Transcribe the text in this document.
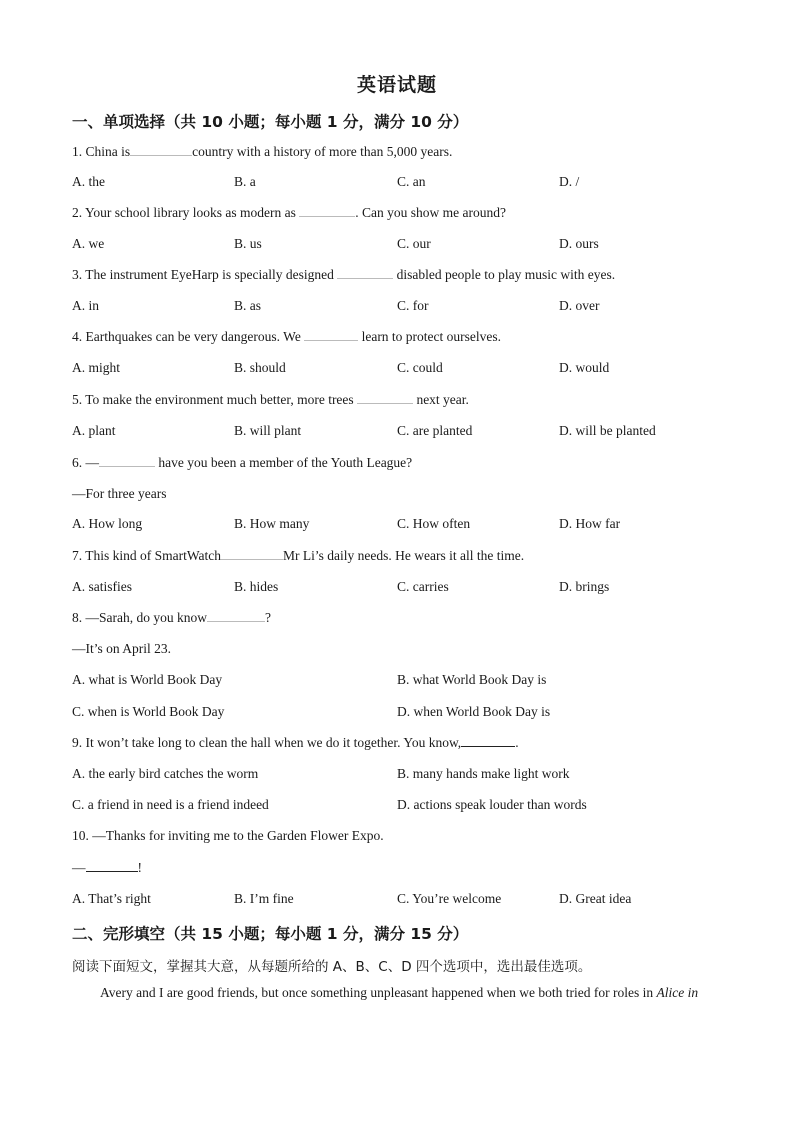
英语试题
一、单项选择（共 10 小题；每小题 1 分，满分 10 分）
1. China is	country with a history of more than 5,000 years.
A. the	B. a	C. an	D. /
2. Your school library looks as modern as	. Can you show me around?
A. we	B. us	C. our	D. ours
3. The instrument EyeHarp is specially designed	disabled people to play music with eyes.
A. in	B. as	C. for	D. over
4. Earthquakes can be very dangerous. We	learn to protect ourselves.
A. might	B. should	C. could	D. would
5. To make the environment much better, more trees	next year.
A. plant	B. will plant	C. are planted	D. will be planted
6. —	have you been a member of the Youth League?
—For three years
A. How long	B. How many	C. How often	D. How far
7. This kind of SmartWatch	Mr Li’s daily needs. He wears it all the time.
A. satisfies	B. hides	C. carries	D. brings
8. —Sarah, do you know	?
—It’s on April 23.
A. what is World Book Day	B. what World Book Day is
C. when is World Book Day	D. when World Book Day is
9. It won’t take long to clean the hall when we do it together. You know,	.
A. the early bird catches the worm	B. many hands make light work
C. a friend in need is a friend indeed	D. actions speak louder than words
10. —Thanks for inviting me to the Garden Flower Expo.
—	!
A. That’s right	B. I’m fine	C. You’re welcome	D. Great idea
二、完形填空（共 15 小题；每小题 1 分，满分 15 分）
阅读下面短文，掌握其大意，从每题所给的 A、B、C、D 四个选项中，选出最佳选项。
Avery and I are good friends, but once something unpleasant happened when we both tried for roles in Alice in
